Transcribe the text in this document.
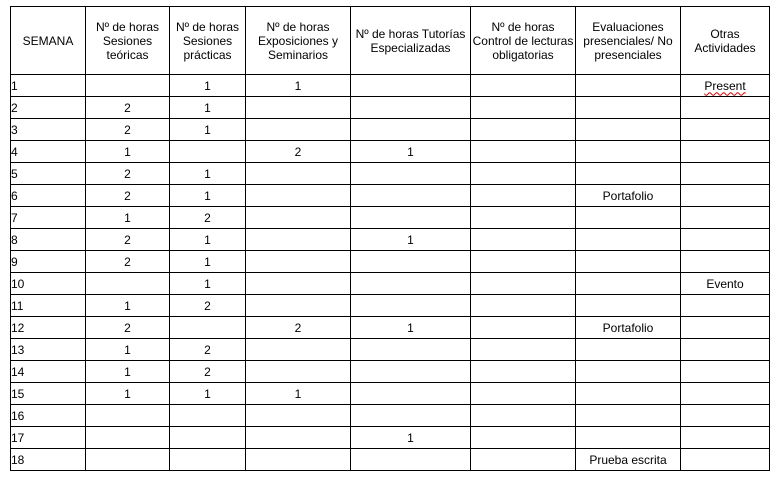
SEMANA	Nº de horas Sesiones teóricas	Nº de horas Sesiones prácticas	Nº de horas Exposiciones y Seminarios	Nº de horas Tutorías Especializadas	Nº de horas Control de lecturas obligatorias	Evaluaciones presenciales/ No presenciales	Otras Actividades
1		1	1				Present
2	2	1					
3	2	1					
4	1		2	1			
5	2	1					
6	2	1				Portafolio	
7	1	2					
8	2	1		1			
9	2	1					
10		1					Evento
11	1	2					
12	2		2	1		Portafolio	
13	1	2					
14	1	2					
15	1	1	1				
16							
17				1			
18						Prueba escrita	
